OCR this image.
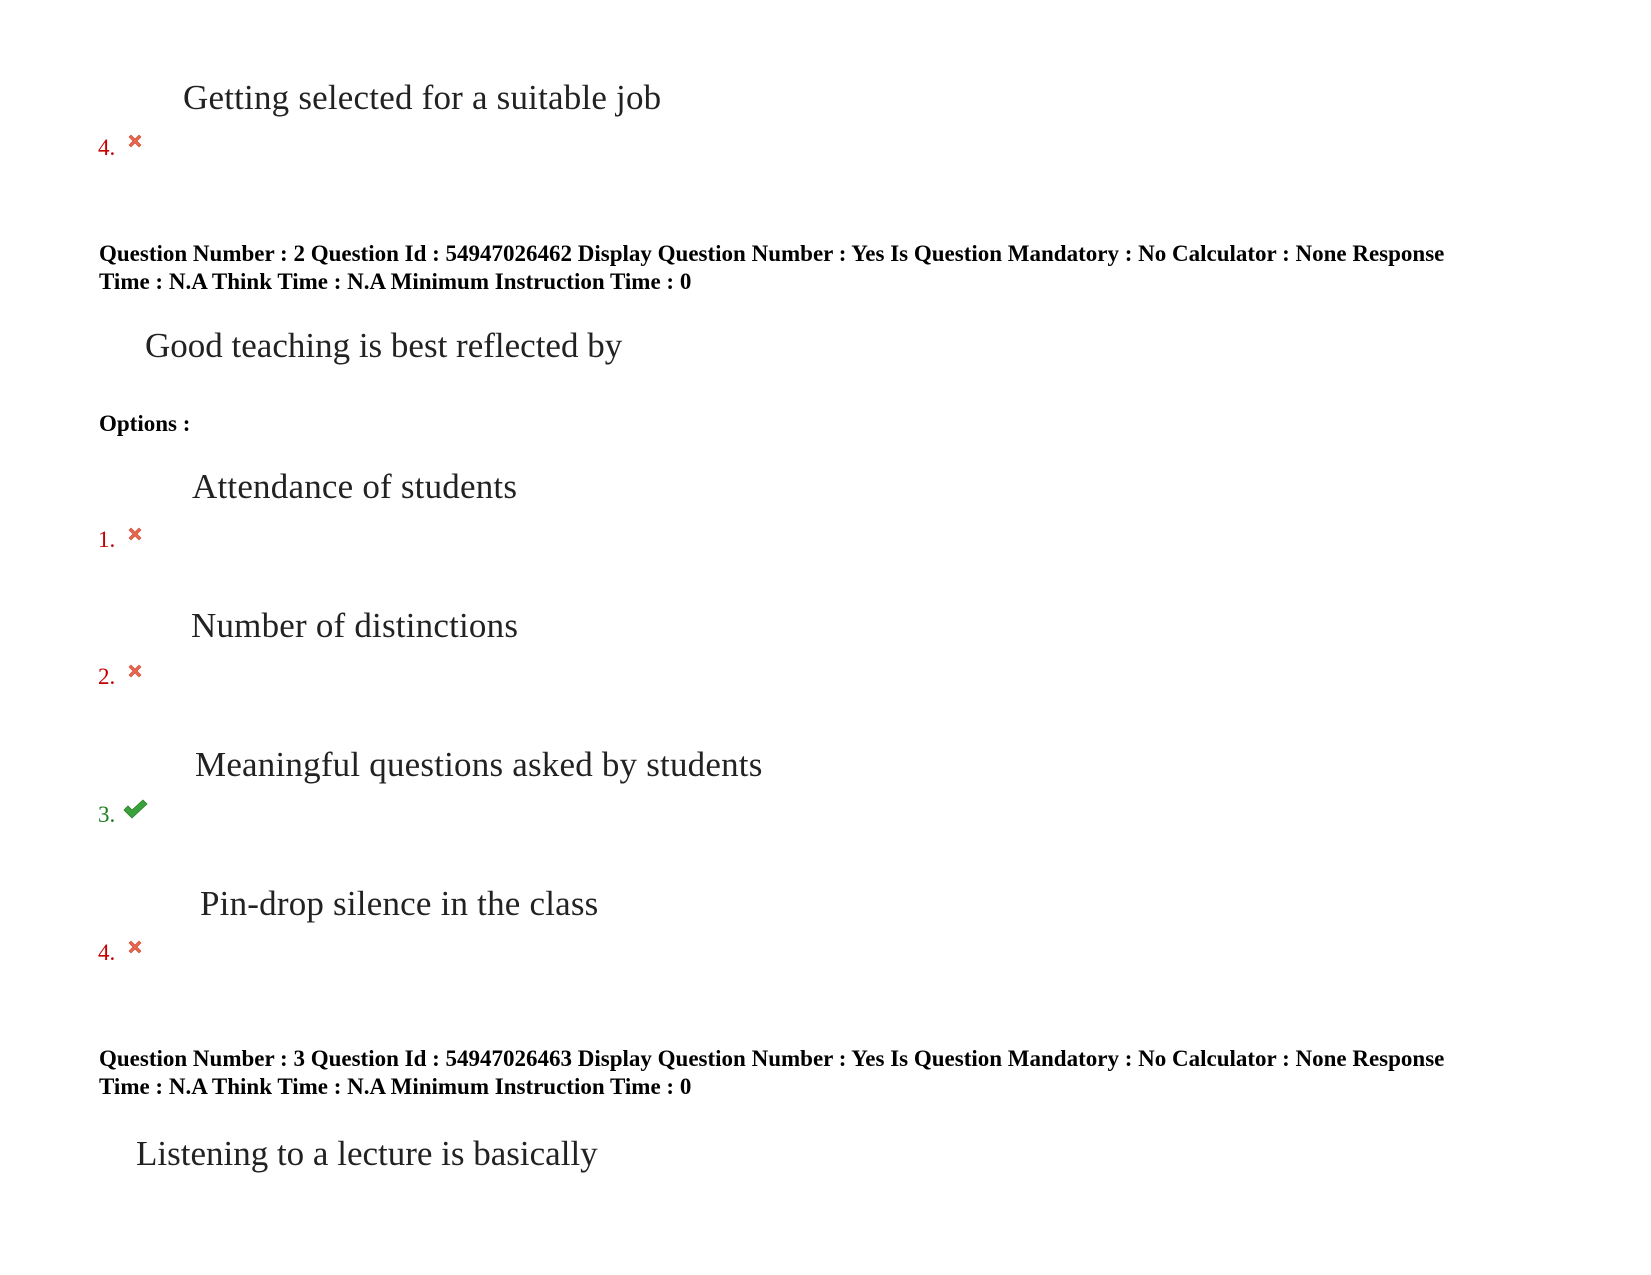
Getting selected for a suitable job
4.
Question Number : 2 Question Id : 54947026462 Display Question Number : Yes Is Question Mandatory : No Calculator : None Response
Time : N.A Think Time : N.A Minimum Instruction Time : 0
Good teaching is best reflected by
Options :
Attendance of students
1.
Number of distinctions
2.
Meaningful questions asked by students
3.
Pin-drop silence in the class
4.
Question Number : 3 Question Id : 54947026463 Display Question Number : Yes Is Question Mandatory : No Calculator : None Response
Time : N.A Think Time : N.A Minimum Instruction Time : 0
Listening to a lecture is basically
